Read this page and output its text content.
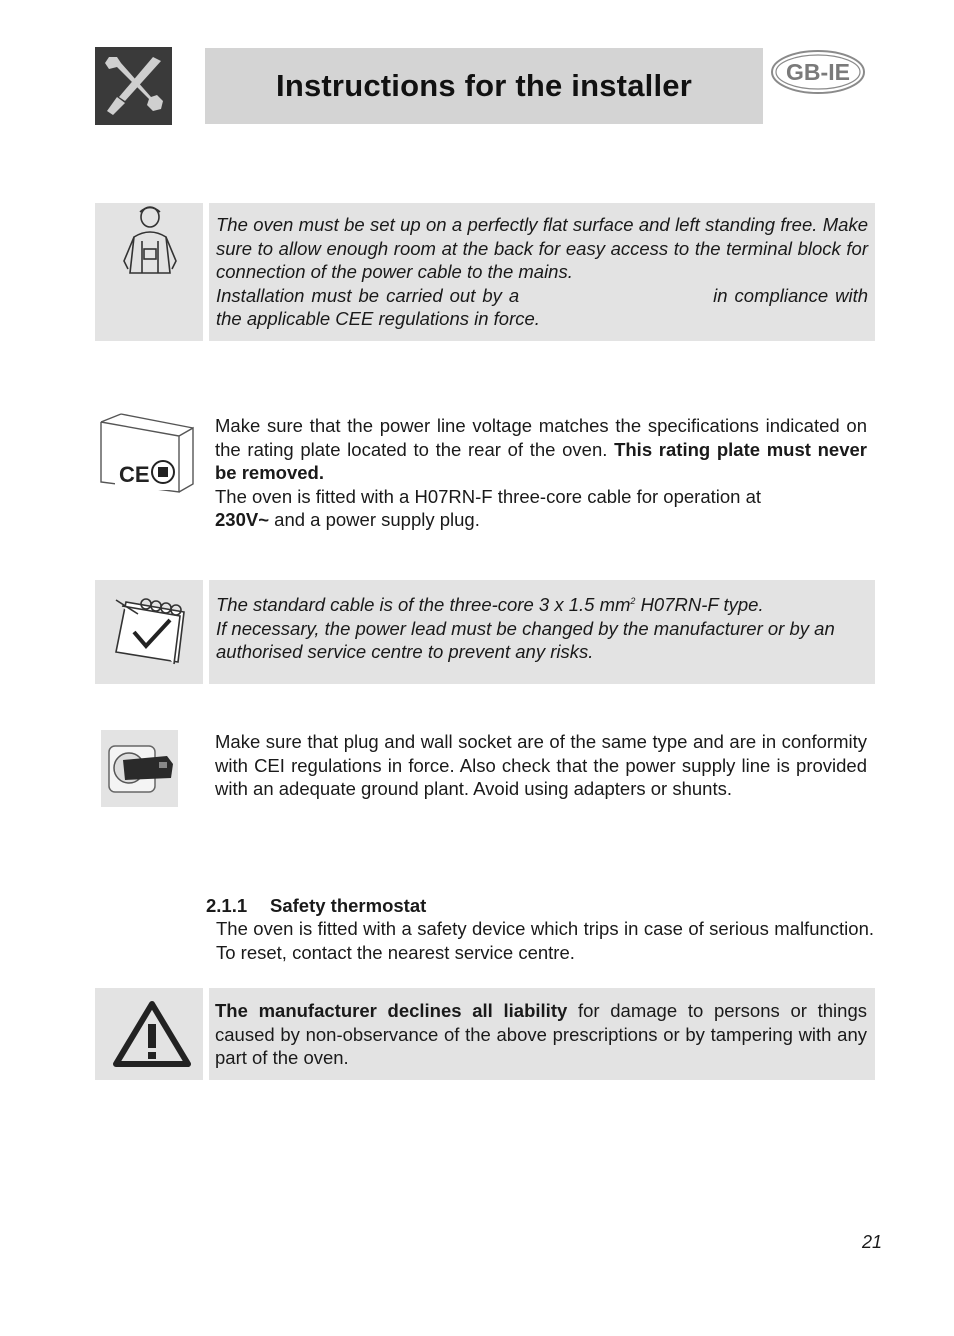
Instructions for the installer	GB-IE

The oven must be set up on a perfectly flat surface and left standing free. Make sure to allow enough room at the back for easy access to the terminal block for connection of the power cable to the mains.

Installation must be carried out by a	in compliance with the applicable CEE regulations in force.

CE

Make sure that the power line voltage matches the specifications indicated on the rating plate located to the rear of the oven. This rating plate must never be removed.

The oven is fitted with a H07RN-F three-core cable for operation at
230V~ and a power supply plug.

The standard cable is of the three-core 3 x 1.5 $mm^2$ H07RN-F type.

If necessary, the power lead must be changed by the manufacturer or by an authorised service centre to prevent any risks.

Make sure that plug and wall socket are of the same type and are in conformity with CEI regulations in force. Also check that the power supply line is provided with an adequate ground plant. Avoid using adapters or shunts.
2.1.1 Safety thermostat
The oven is fitted with a safety device which trips in case of serious malfunction. To reset, contact the nearest service centre.
The manufacturer declines all liability for damage to persons or things caused by non-observance of the above prescriptions or by tampering with any part of the oven.
21
